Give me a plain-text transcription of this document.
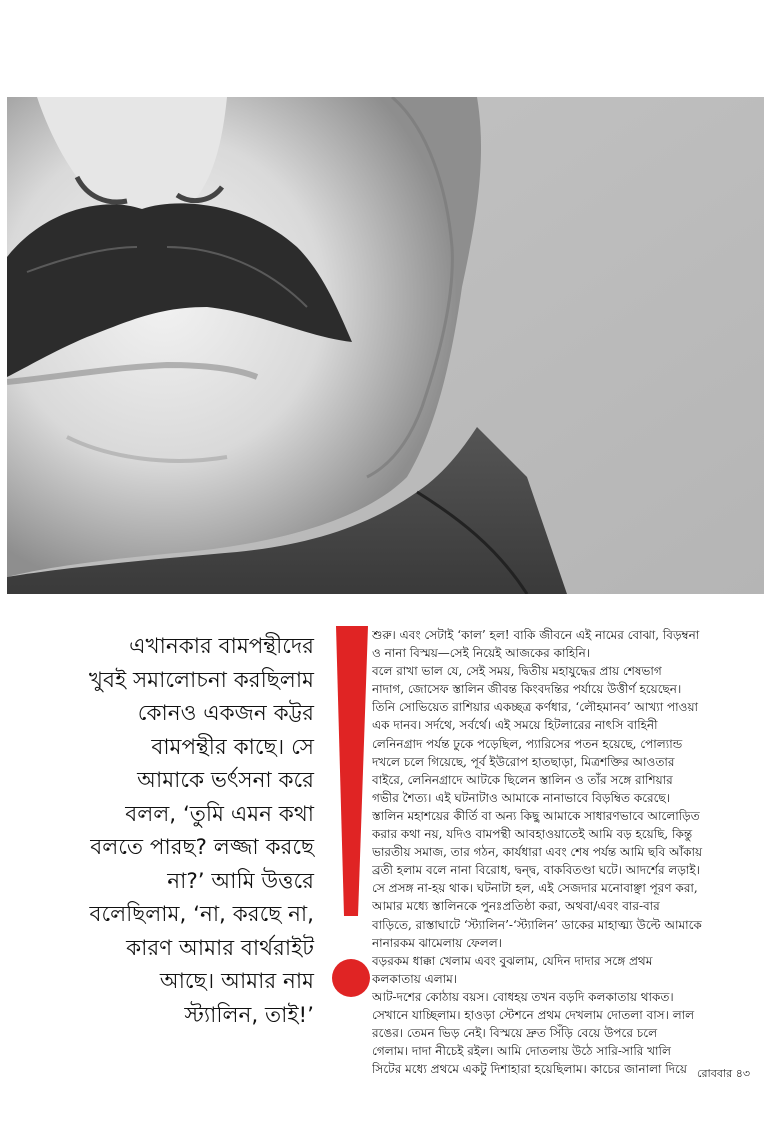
এখানকার বামপন্থীদের
খুবই সমালোচনা করছিলাম
কোনও একজন কট্টর
বামপন্থীর কাছে। সে
আমাকে ভর্ৎসনা করে
বলল, ‘তুমি এমন কথা
বলতে পারছ? লজ্জা করছে
না?’ আমি উত্তরে
বলেছিলাম, ‘না, করছে না,
কারণ আমার বার্থরাইট
আছে। আমার নাম
স্ট্যালিন, তাই!’
শুরু। এবং সেটাই ‘কাল’ হল! বাকি জীবনে এই নামের বোঝা, বিড়ম্বনা
ও নানা বিস্ময়—সেই নিয়েই আজকের কাহিনি।
বলে রাখা ভাল যে, সেই সময়, দ্বিতীয় মহাযুদ্ধের প্রায় শেষভাগ
নাদাগ, জোসেফ স্তালিন জীবন্ত কিংবদন্তির পর্যায়ে উত্তীর্ণ হয়েছেন।
তিনি সোভিয়েত রাশিয়ার একচ্ছত্র কর্ণধার, ‘লৌহমানব’ আখ্যা পাওয়া
এক দানব। সর্দথে, সর্বর্থে। এই সময়ে হিটলারের নাৎসি বাহিনী
লেনিনগ্রাদ পর্যন্ত ঢুকে পড়েছিল, প্যারিসের পতন হয়েছে, পোল্যান্ড
দখলে চলে গিয়েছে, পূর্ব ইউরোপ হাতছাড়া, মিত্রশক্তির আওতার
বাইরে, লেনিনগ্রাদে আটকে ছিলেন স্তালিন ও তাঁর সঙ্গে রাশিয়ার
গভীর শৈত্য। এই ঘটনাটাও আমাকে নানাভাবে বিড়ম্বিত করেছে।
স্তালিন মহাশয়ের কীর্তি বা অন্য কিছু আমাকে সাধারণভাবে আলোড়িত
করার কথা নয়, যদিও বামপন্থী আবহাওয়াতেই আমি বড় হয়েছি, কিন্তু
ভারতীয় সমাজ, তার গঠন, কার্যধারা এবং শেষ পর্যন্ত আমি ছবি আঁকায়
ব্রতী হলাম বলে নানা বিরোধ, দ্বন্দ্ব, বাকবিতণ্ডা ঘটে। আদর্শের লড়াই।
সে প্রসঙ্গ না-হয় থাক। ঘটনাটা হল, এই সেজদার মনোবাঞ্ছা পূরণ করা,
আমার মধ্যে স্তালিনকে পুনঃপ্রতিষ্ঠা করা, অথবা/এবং বার-বার
বাড়িতে, রাস্তাঘাটে ‘স্ট্যালিন’-‘স্ট্যালিন’ ডাকের মাহাত্ম্য উল্টে আমাকে
নানারকম ঝামেলায় ফেলল।
বড়রকম ধাক্কা খেলাম এবং বুঝলাম, যেদিন দাদার সঙ্গে প্রথম
কলকাতায় এলাম।
আট-দশের কোঠায় বয়স। বোধহয় তখন বড়দি কলকাতায় থাকত।
সেখানে যাচ্ছিলাম। হাওড়া স্টেশনে প্রথম দেখলাম দোতলা বাস। লাল
রঙের। তেমন ভিড় নেই। বিস্ময়ে দ্রুত সিঁড়ি বেয়ে উপরে চলে
গেলাম। দাদা নীচেই রইল। আমি দোতলায় উঠে সারি-সারি খালি
সিটের মধ্যে প্রথমে একটু দিশাহারা হয়েছিলাম। কাচের জানালা দিয়ে রোববার ৪৩
